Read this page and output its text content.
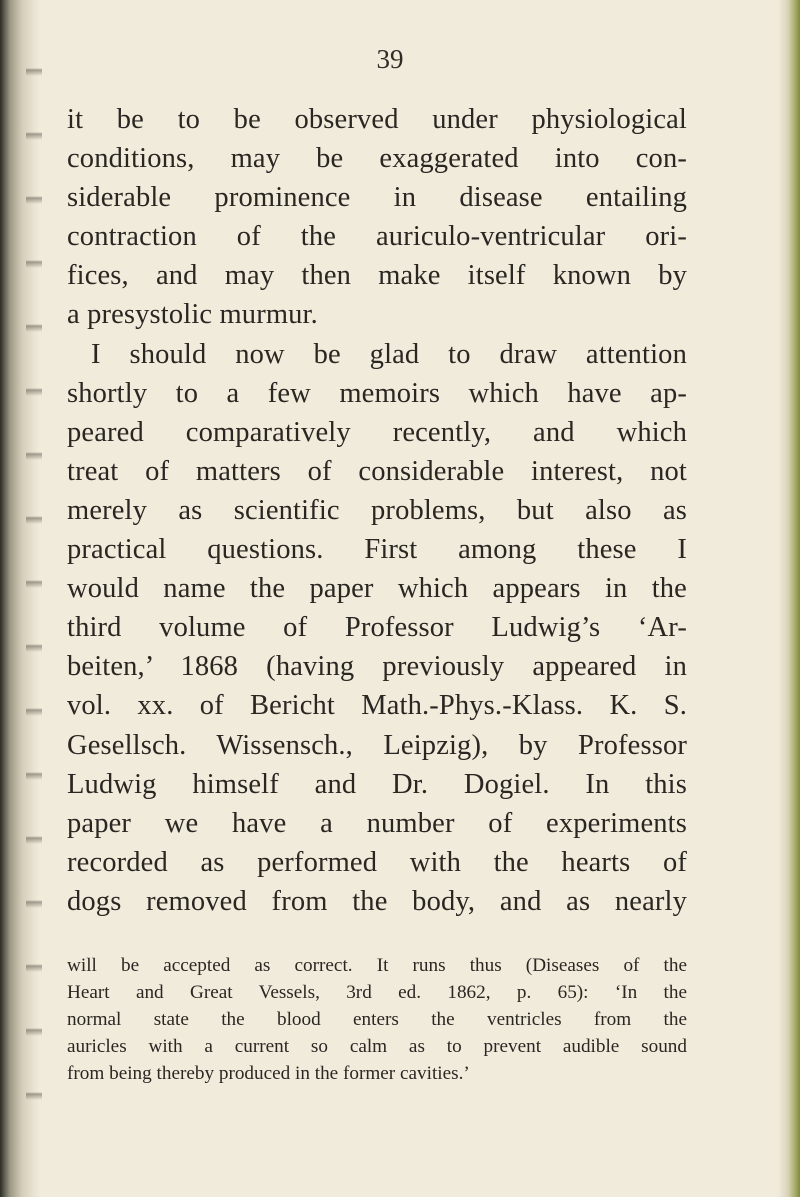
39
it be to be observed under physiological
conditions, may be exaggerated into con-
siderable prominence in disease entailing
contraction of the auriculo-ventricular ori-
fices, and may then make itself known by
a presystolic murmur.
I should now be glad to draw attention
shortly to a few memoirs which have ap-
peared comparatively recently, and which
treat of matters of considerable interest, not
merely as scientific problems, but also as
practical questions. First among these I
would name the paper which appears in the
third volume of Professor Ludwig’s ‘Ar-
beiten,’ 1868 (having previously appeared in
vol. xx. of Bericht Math.-Phys.-Klass. K. S.
Gesellsch. Wissensch., Leipzig), by Professor
Ludwig himself and Dr. Dogiel. In this
paper we have a number of experiments
recorded as performed with the hearts of
dogs removed from the body, and as nearly
will be accepted as correct. It runs thus (Diseases of the
Heart and Great Vessels, 3rd ed. 1862, p. 65): ‘In the
normal state the blood enters the ventricles from the
auricles with a current so calm as to prevent audible sound
from being thereby produced in the former cavities.’
